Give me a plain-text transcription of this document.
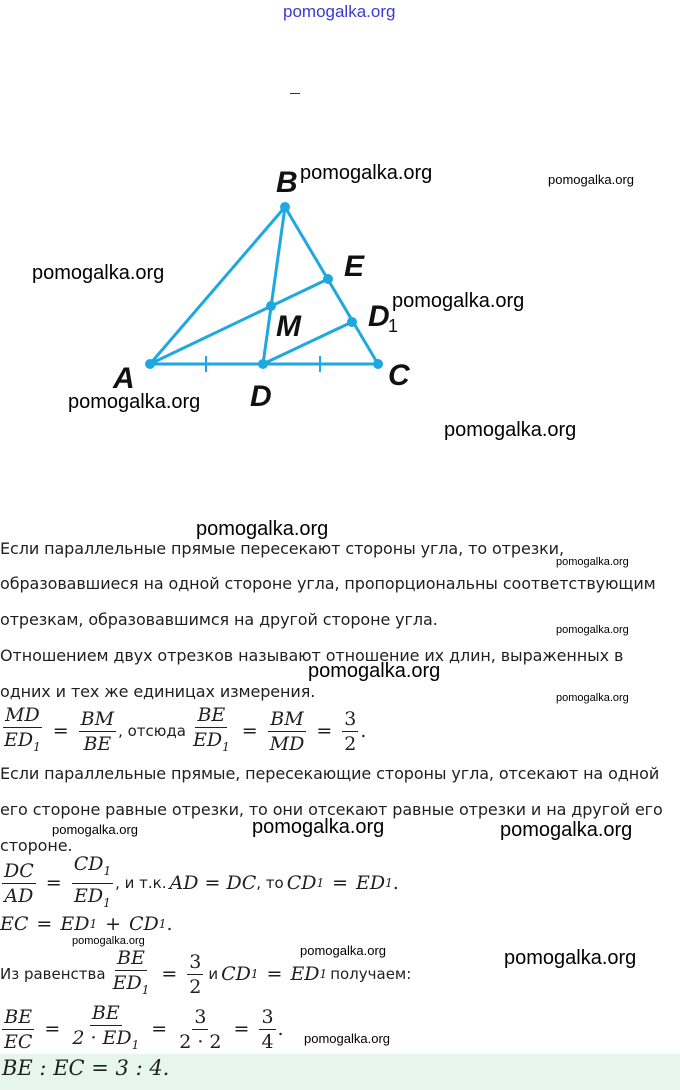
pomogalka.org
B
E
D
1
M
A
D
C
pomogalka.org	pomogalka.org
pomogalka.org
pomogalka.org
pomogalka.org
pomogalka.org
pomogalka.org
Если параллельные прямые пересекают стороны угла, то отрезки,
образовавшиеся на одной стороне угла, пропорциональны соответствующим
отрезкам, образовавшимся на другой стороне угла.
pomogalka.org
pomogalka.org
Отношением двух отрезков называют отношение их длин, выраженных в
одних и тех же единицах измерения.
pomogalka.org
pomogalka.org
$\frac{MD}{ED_1} = \frac{BM}{BE}$ , отсюда $\frac{BE}{ED_1} = \frac{BM}{MD} = \frac{3}{2}$ .
Если параллельные прямые, пересекающие стороны угла, отсекают на одной
его стороне равные отрезки, то они отсекают равные отрезки и на другой его
стороне.
pomogalka.org	pomogalka.org	pomogalka.org
$\frac{DC}{AD} = \frac{CD_1}{ED_1}$ , и т.к. AD = DC , то CD 1 = ED 1 .
EC = ED 1 + CD 1 .
pomogalka.org
pomogalka.org	pomogalka.org
Из равенства $\frac{BE}{ED_1} = \frac{3}{2}$ и CD 1 = ED 1 получаем:
$\frac{BE}{EC} = \frac{BE}{2 \cdot ED_1} = \frac{3}{2 \cdot 2} = \frac{3}{4}$ . pomogalka.org
BE : EC = 3 : 4.
